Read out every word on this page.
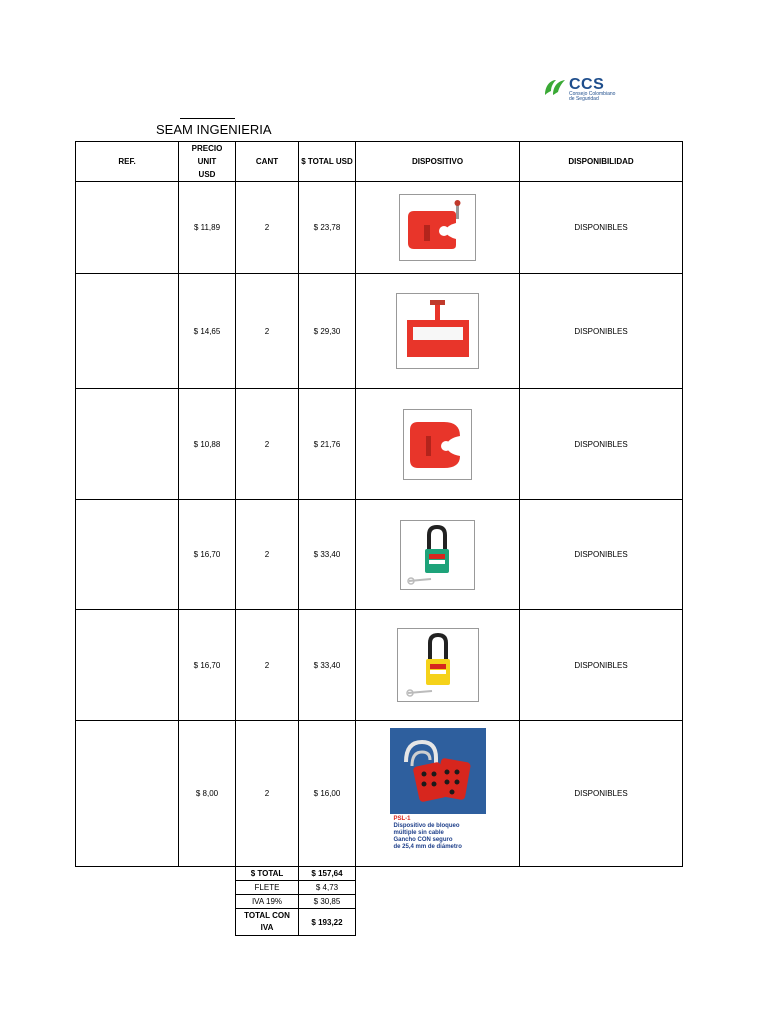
CCS
Consejo Colombiano
de Seguridad
SEAM INGENIERIA
REF.	PRECIO
UNIT
USD	CANT	$ TOTAL USD	DISPOSITIVO	DISPONIBILIDAD
	$ 11,89	2	$ 23,78		DISPONIBLES
	$ 14,65	2	$ 29,30		DISPONIBLES
	$ 10,88	2	$ 21,76		DISPONIBLES
	$ 16,70	2	$ 33,40		DISPONIBLES
	$ 16,70	2	$ 33,40		DISPONIBLES
	$ 8,00	2	$ 16,00	PSL-1
Dispositivo de bloqueo
múltiple sin cable
Gancho CON seguro
de 25,4 mm de diámetro	DISPONIBLES
$ TOTAL	$ 157,64
FLETE	$ 4,73
IVA 19%	$ 30,85

TOTAL CON
IVA	$ 193,22
